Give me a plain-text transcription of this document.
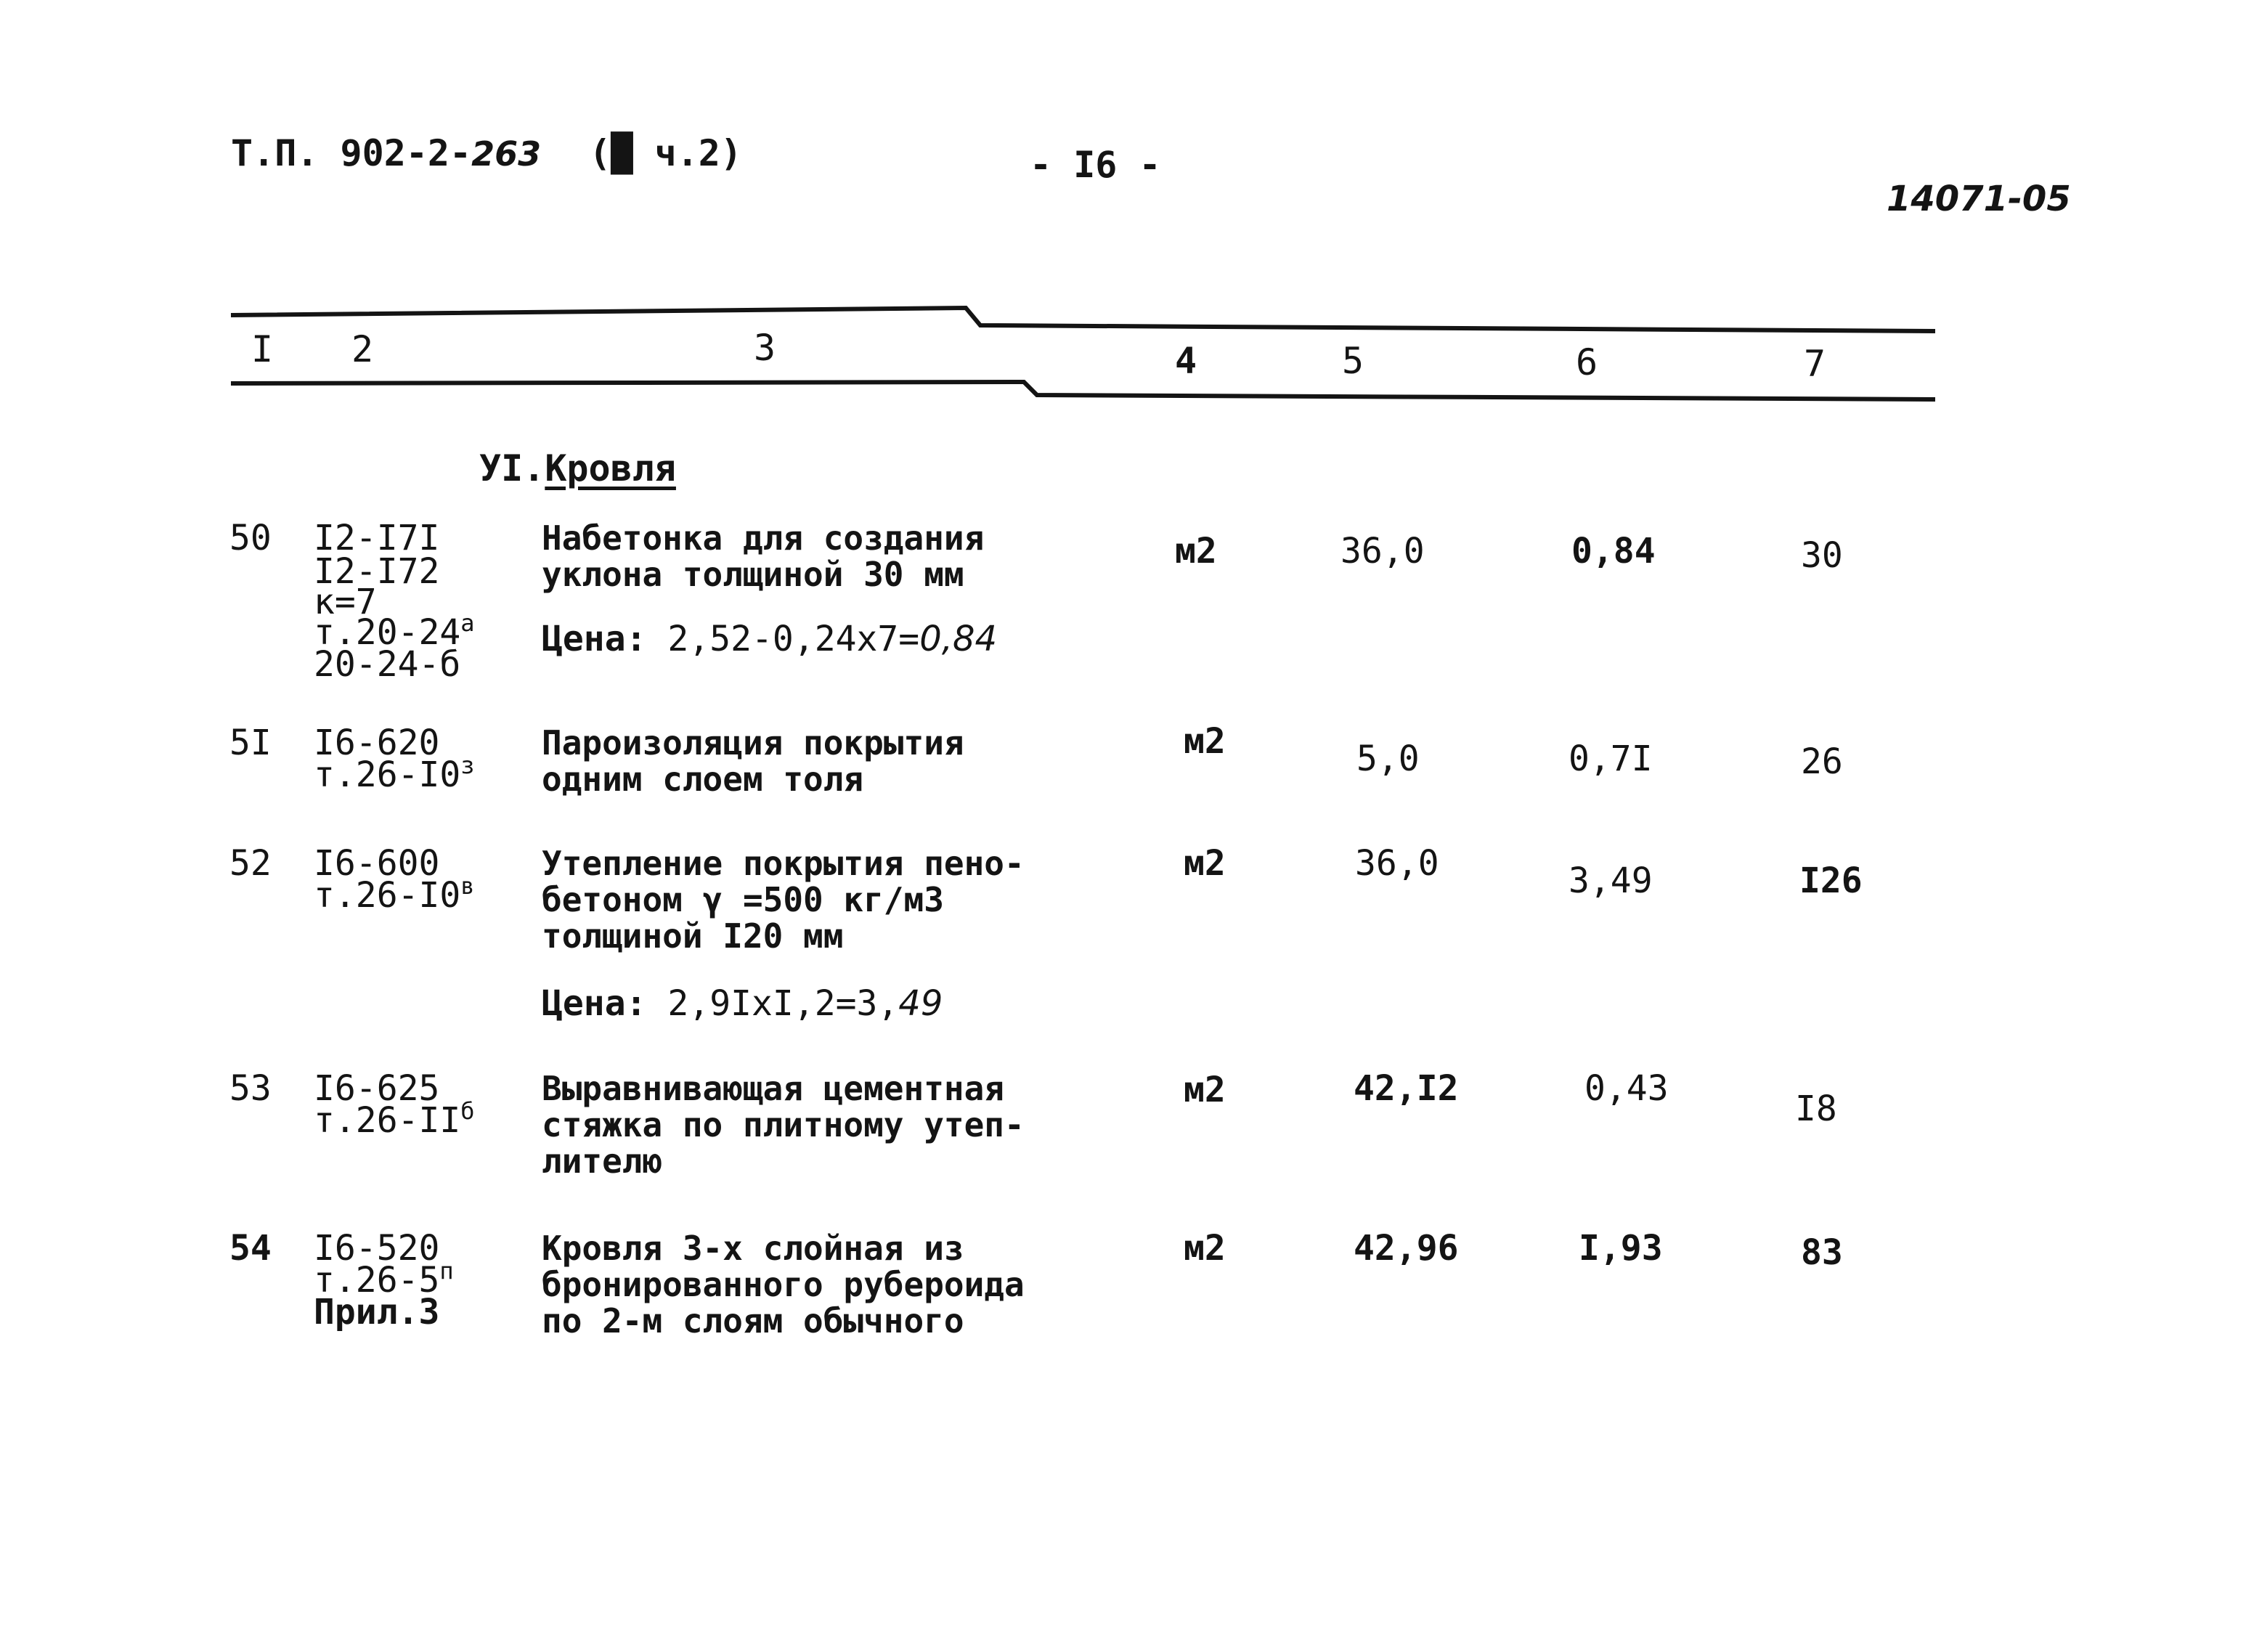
Т.П. 902-2-263 (█ ч.2)	- I6 -
14071-05
I 2	3	4	5	6	7
УI.Кровля
50 I2-I7I
I2-I72
к=7
$т.20-24^а$
20-24-б
Набетонка для создания
уклона толщиной 30 мм
Цена: 2,52-0,24х7=0,84
м2	36,0	0,84	30
5I I6-620
$т.26-I0^з$
Пароизоляция покрытия
одним слоем толя
м2	5,0	0,7I	26
52 I6-600
$т.26-I0^в$
Утепление покрытия пено-
бетоном γ =500 кг/м3
толщиной I20 мм
Цена: 2,9IхI,2=3,49
м2	36,0	3,49	I26
53 I6-625
$т.26-II^б$
Выравнивающая цементная
стяжка по плитному утеп-
лителю
м2	42,I2	0,43	I8
54 I6-520
$т.26-5^п$
Прил.3
Кровля 3-х слойная из
бронированного рубероида
по 2-м слоям обычного
м2	42,96	I,93	83
